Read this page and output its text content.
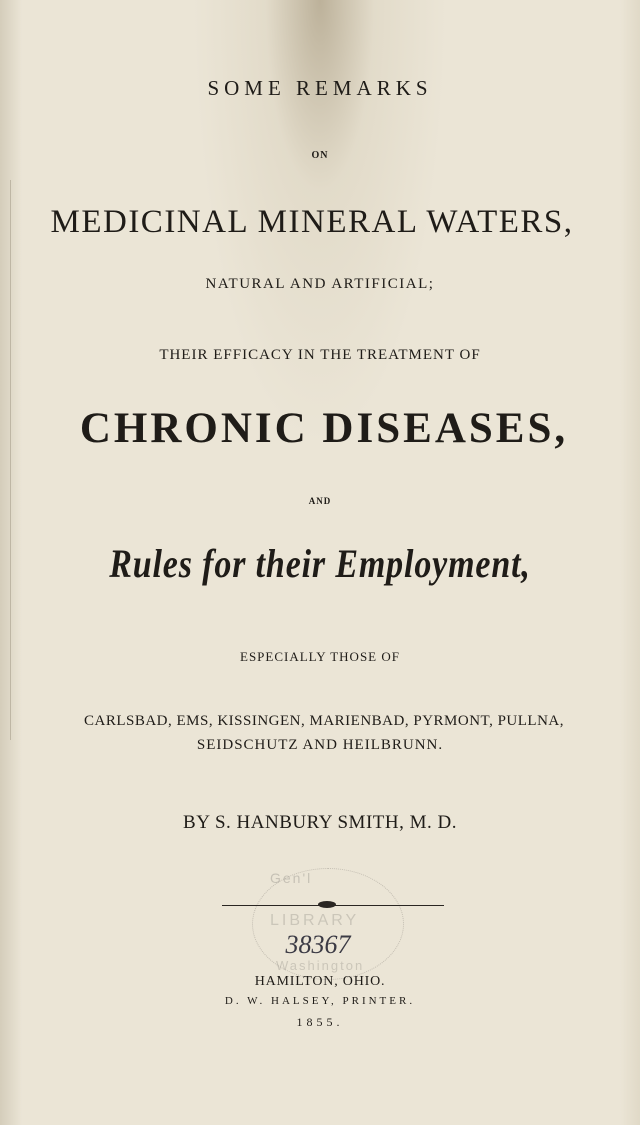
SOME REMARKS
ON
MEDICINAL MINERAL WATERS,
NATURAL AND ARTIFICIAL;
THEIR EFFICACY IN THE TREATMENT OF
CHRONIC DISEASES,
AND
Rules for their Employment,
ESPECIALLY THOSE OF
CARLSBAD, EMS, KISSINGEN, MARIENBAD, PYRMONT, PULLNA,
SEIDSCHUTZ AND HEILBRUNN.
BY S. HANBURY SMITH, M. D.
Gen'l
LIBRARY
Washington
38367
HAMILTON, OHIO.
D. W. HALSEY, PRINTER.
1855.
